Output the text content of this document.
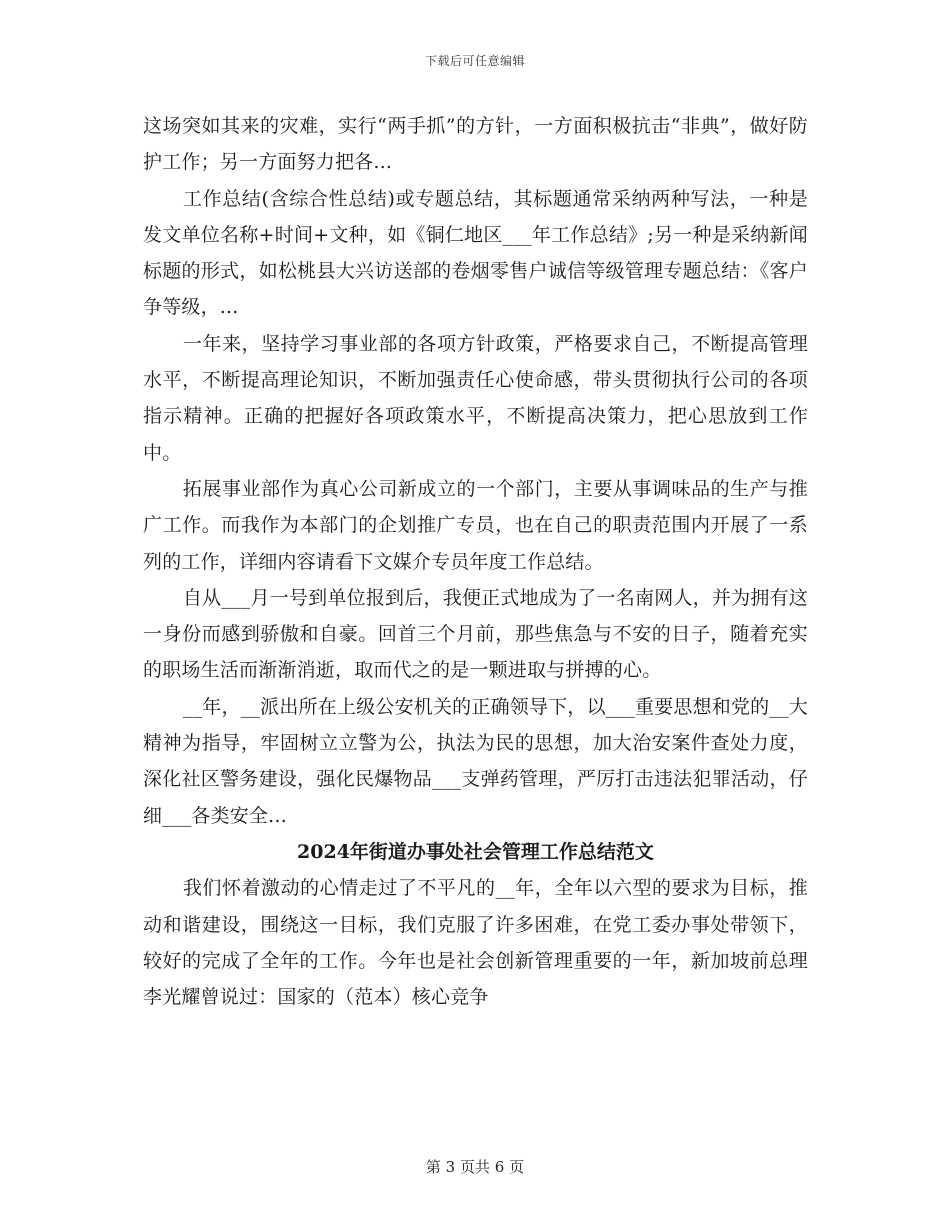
下载后可任意编辑

这场突如其来的灾难，实行“两手抓”的方针，一方面积极抗击“非典”，做好防护工作；另一方面努力把各...

工作总结(含综合性总结)或专题总结，其标题通常采纳两种写法，一种是发文单位名称+时间+文种，如《铜仁地区___年工作总结》;另一种是采纳新闻标题的形式，如松桃县大兴访送部的卷烟零售户诚信等级管理专题总结：《客户争等级，...

一年来，坚持学习事业部的各项方针政策，严格要求自己，不断提高管理水平，不断提高理论知识，不断加强责任心使命感，带头贯彻执行公司的各项指示精神。正确的把握好各项政策水平，不断提高决策力，把心思放到工作中。

拓展事业部作为真心公司新成立的一个部门，主要从事调味品的生产与推广工作。而我作为本部门的企划推广专员，也在自己的职责范围内开展了一系列的工作，详细内容请看下文媒介专员年度工作总结。

自从___月一号到单位报到后，我便正式地成为了一名南网人，并为拥有这一身份而感到骄傲和自豪。回首三个月前，那些焦急与不安的日子，随着充实的职场生活而渐渐消逝，取而代之的是一颗进取与拼搏的心。

__年，__派出所在上级公安机关的正确领导下，以___重要思想和党的__大精神为指导，牢固树立立警为公，执法为民的思想，加大治安案件查处力度，深化社区警务建设，强化民爆物品___支弹药管理，严厉打击违法犯罪活动，仔细___各类安全...

2024年街道办事处社会管理工作总结范文

我们怀着激动的心情走过了不平凡的__年，全年以六型的要求为目标，推动和谐建设，围绕这一目标，我们克服了许多困难，在党工委办事处带领下，较好的完成了全年的工作。今年也是社会创新管理重要的一年，新加坡前总理李光耀曾说过：国家的（范本）核心竞争

第 3 页共 6 页
